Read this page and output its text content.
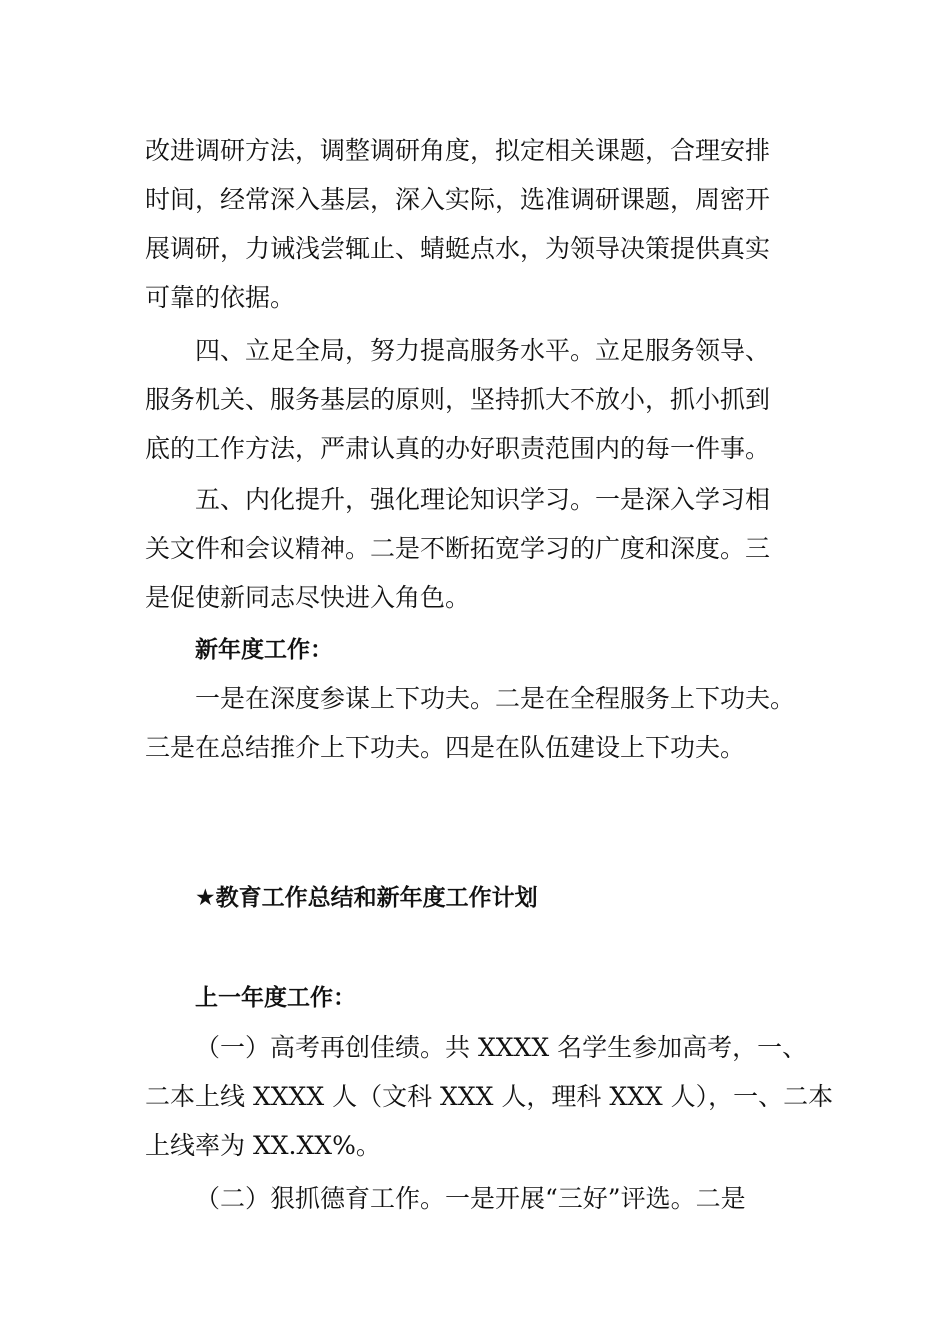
改进调研方法，调整调研角度，拟定相关课题，合理安排
时间，经常深入基层，深入实际，选准调研课题，周密开
展调研，力诫浅尝辄止、蜻蜓点水，为领导决策提供真实
可靠的依据。
四、立足全局，努力提高服务水平。立足服务领导、
服务机关、服务基层的原则，坚持抓大不放小，抓小抓到
底的工作方法，严肃认真的办好职责范围内的每一件事。
五、内化提升，强化理论知识学习。一是深入学习相
关文件和会议精神。二是不断拓宽学习的广度和深度。三
是促使新同志尽快进入角色。
新年度工作：
一是在深度参谋上下功夫。二是在全程服务上下功夫。
三是在总结推介上下功夫。四是在队伍建设上下功夫。
★教育工作总结和新年度工作计划
上一年度工作：
（一）高考再创佳绩。共 XXXX 名学生参加高考，一、
二本上线 XXXX 人（文科 XXX 人，理科 XXX 人），一、二本
上线率为 XX.XX%。
（二）狠抓德育工作。一是开展“三好”评选。二是
